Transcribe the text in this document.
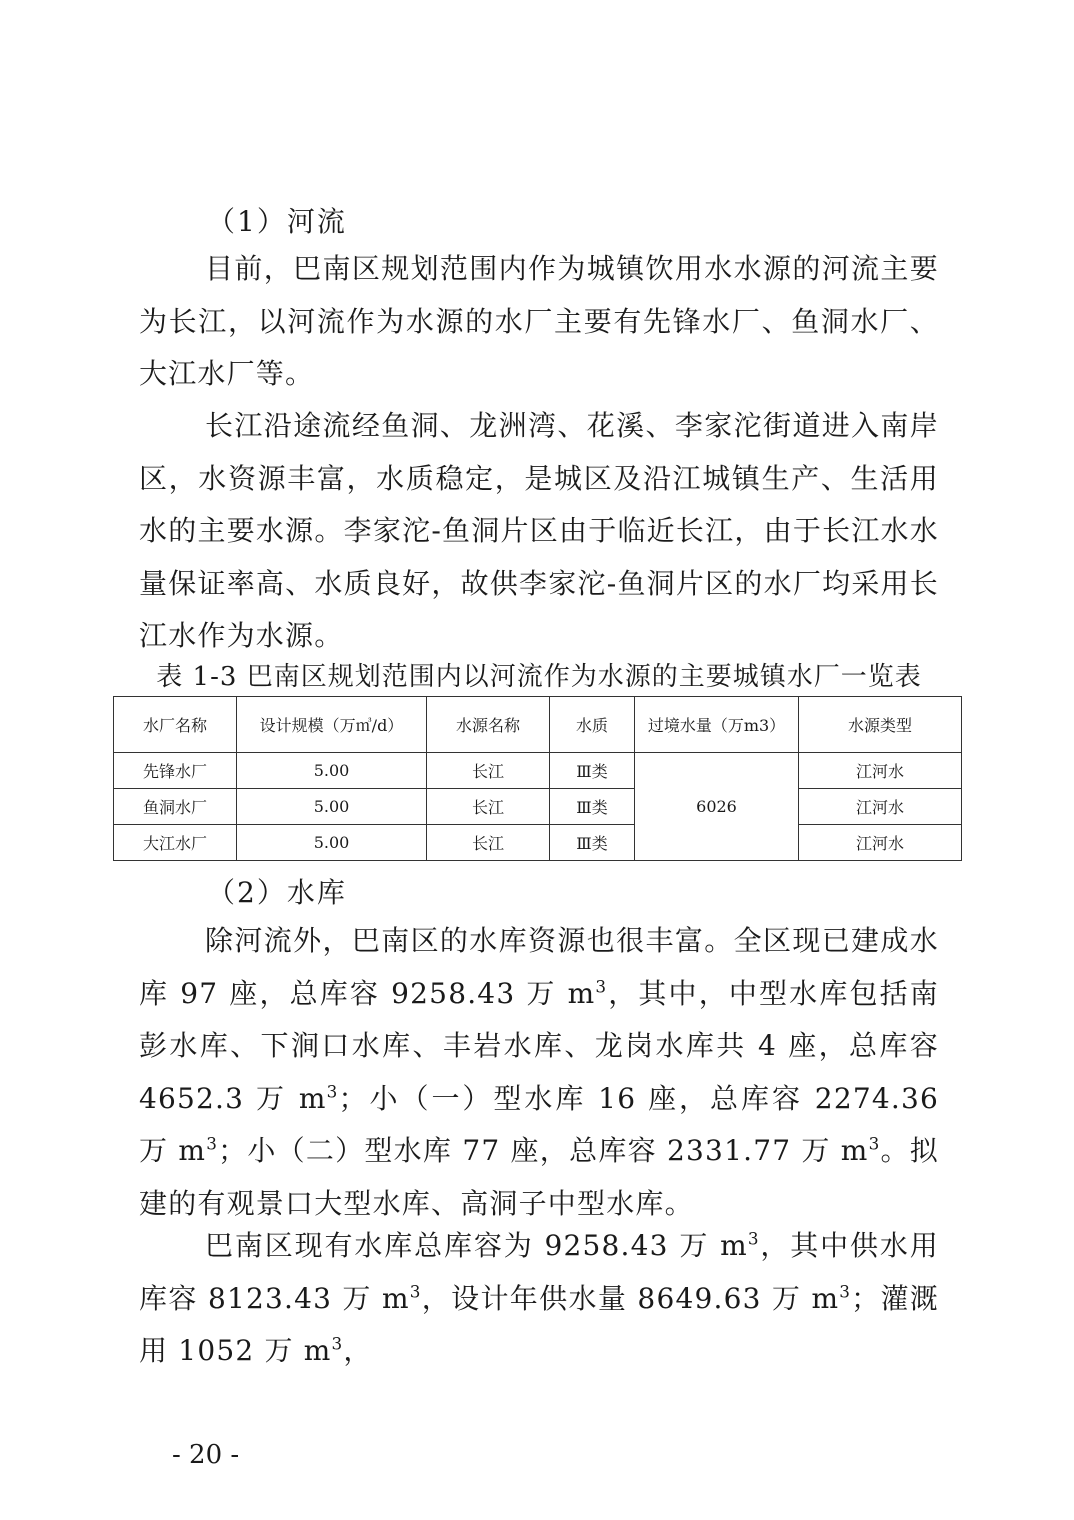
（1）河流

目前，巴南区规划范围内作为城镇饮用水水源的河流主要为长江，以河流作为水源的水厂主要有先锋水厂、鱼洞水厂、大江水厂等。

长江沿途流经鱼洞、龙洲湾、花溪、李家沱街道进入南岸区，水资源丰富，水质稳定，是城区及沿江城镇生产、生活用水的主要水源。李家沱-鱼洞片区由于临近长江，由于长江水水量保证率高、水质良好，故供李家沱-鱼洞片区的水厂均采用长江水作为水源。

表 1-3 巴南区规划范围内以河流作为水源的主要城镇水厂一览表

水厂名称	设计规模（万㎥/d）	水源名称	水质	过境水量（万m3）	水源类型
先锋水厂	5.00	长江	Ⅲ类	6026	江河水
鱼洞水厂	5.00	长江	Ⅲ类		江河水
大江水厂	5.00	长江	Ⅲ类		江河水

（2）水库

除河流外，巴南区的水库资源也很丰富。全区现已建成水库 97 座，总库容 9258.43 万 $m^3$，其中，中型水库包括南彭水库、下涧口水库、丰岩水库、龙岗水库共 4 座，总库容 4652.3 万 $m^3$；小（一）型水库 16 座，总库容 2274.36 万 $m^3$；小（二）型水库 77 座，总库容 2331.77 万 $m^3$。拟建的有观景口大型水库、高洞子中型水库。

巴南区现有水库总库容为 9258.43 万 $m^3$，其中供水用库容 8123.43 万 $m^3$，设计年供水量 8649.63 万 $m^3$；灌溉用 1052 万 $m^3$，

- 20 -
